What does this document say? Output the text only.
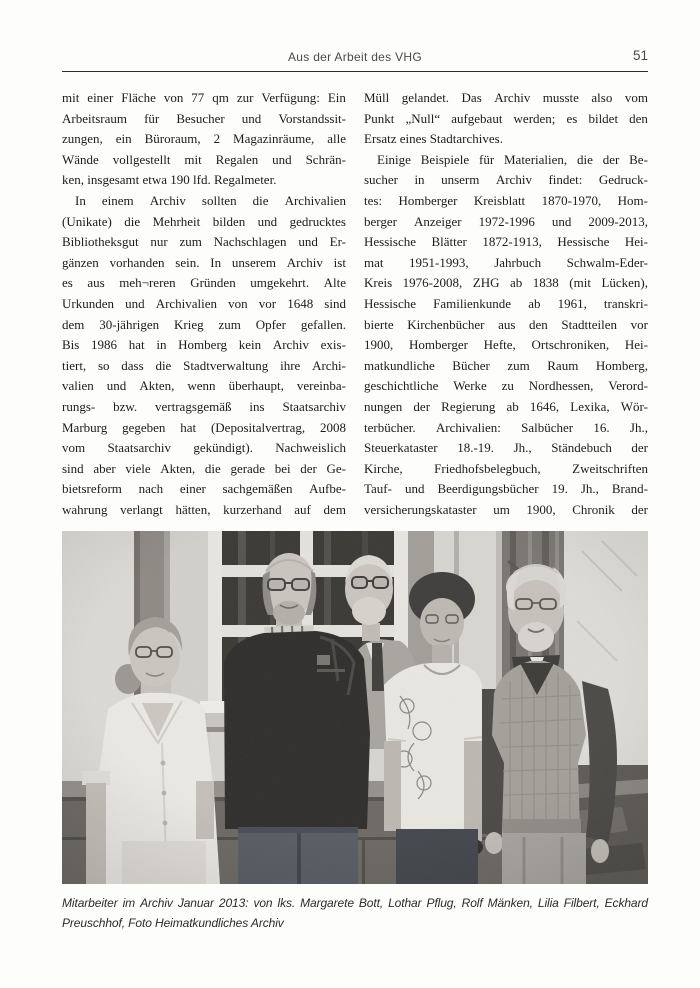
Aus der Arbeit des VHG	51
mit einer Fläche von 77 qm zur Verfügung: Ein
Arbeitsraum für Besucher und Vorstandssit-
zungen, ein Büroraum, 2 Magazinräume, alle
Wände vollgestellt mit Regalen und Schrän-
ken, insgesamt etwa 190 lfd. Regalmeter.
In einem Archiv sollten die Archivalien
(Unikate) die Mehrheit bilden und gedrucktes
Bibliotheksgut nur zum Nachschlagen und Er-
gänzen vorhanden sein. In unserem Archiv ist
es aus meh¬reren Gründen umgekehrt. Alte
Urkunden und Archivalien von vor 1648 sind
dem 30-jährigen Krieg zum Opfer gefallen.
Bis 1986 hat in Homberg kein Archiv exis-
tiert, so dass die Stadtverwaltung ihre Archi-
valien und Akten, wenn überhaupt, vereinba-
rungs- bzw. vertragsgemäß ins Staatsarchiv
Marburg gegeben hat (Depositalvertrag, 2008
vom Staatsarchiv gekündigt). Nachweislich
sind aber viele Akten, die gerade bei der Ge-
bietsreform nach einer sachgemäßen Aufbe-
wahrung verlangt hätten, kurzerhand auf dem
Müll gelandet. Das Archiv musste also vom
Punkt „Null“ aufgebaut werden; es bildet den
Ersatz eines Stadtarchives.
Einige Beispiele für Materialien, die der Be-
sucher in unserm Archiv findet: Gedruck-
tes: Homberger Kreisblatt 1870-1970, Hom-
berger Anzeiger 1972-1996 und 2009-2013,
Hessische Blätter 1872-1913, Hessische Hei-
mat 1951-1993, Jahrbuch Schwalm-Eder-
Kreis 1976-2008, ZHG ab 1838 (mit Lücken),
Hessische Familienkunde ab 1961, transkri-
bierte Kirchenbücher aus den Stadtteilen vor
1900, Homberger Hefte, Ortschroniken, Hei-
matkundliche Bücher zum Raum Homberg,
geschichtliche Werke zu Nordhessen, Verord-
nungen der Regierung ab 1646, Lexika, Wör-
terbücher. Archivalien: Salbücher 16. Jh.,
Steuerkataster 18.-19. Jh., Ständebuch der
Kirche, Friedhofsbelegbuch, Zweitschriften
Tauf- und Beerdigungsbücher 19. Jh., Brand-
versicherungskataster um 1900, Chronik der
Mitarbeiter im Archiv Januar 2013: von lks. Margarete Bott, Lothar Pflug, Rolf Mänken, Lilia Filbert, Eckhard
Preuschhof, Foto Heimatkundliches Archiv
